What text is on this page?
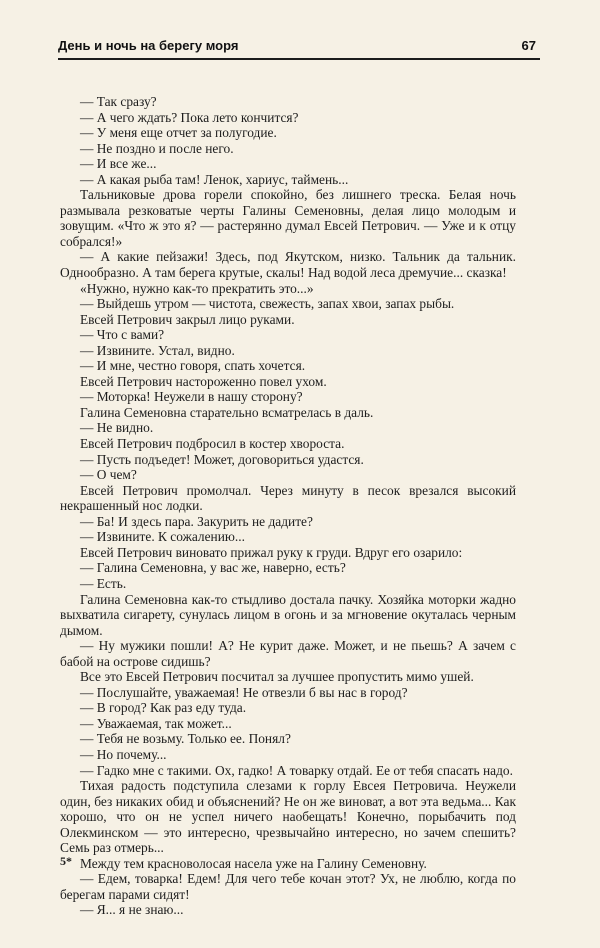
День и ночь на берегу моря	67

— Так сразу?

— А чего ждать? Пока лето кончится?

— У меня еще отчет за полугодие.

— Не поздно и после него.

— И все же...

— А какая рыба там! Ленок, хариус, таймень...

Тальниковые дрова горели спокойно, без лишнего треска. Белая ночь размывала резковатые черты Галины Семеновны, делая лицо молодым и зовущим. «Что ж это я? — растерянно думал Евсей Петрович. — Уже и к отцу собрался!»

— А какие пейзажи! Здесь, под Якутском, низко. Тальник да тальник. Однообразно. А там берега крутые, скалы! Над водой леса дремучие... сказка!

«Нужно, нужно как-то прекратить это...»

— Выйдешь утром — чистота, свежесть, запах хвои, запах рыбы.

Евсей Петрович закрыл лицо руками.

— Что с вами?

— Извините. Устал, видно.

— И мне, честно говоря, спать хочется.

Евсей Петрович настороженно повел ухом.

— Моторка! Неужели в нашу сторону?

Галина Семеновна старательно всматрелась в даль.

— Не видно.

Евсей Петрович подбросил в костер хвороста.

— Пусть подъедет! Может, договориться удастся.

— О чем?

Евсей Петрович промолчал. Через минуту в песок врезался высокий некрашенный нос лодки.

— Ба! И здесь пара. Закурить не дадите?

— Извините. К сожалению...

Евсей Петрович виновато прижал руку к груди. Вдруг его озарило:

— Галина Семеновна, у вас же, наверно, есть?

— Есть.

Галина Семеновна как-то стыдливо достала пачку. Хозяйка моторки жадно выхватила сигарету, сунулась лицом в огонь и за мгновение окуталась черным дымом.

— Ну мужики пошли! А? Не курит даже. Может, и не пьешь? А зачем с бабой на острове сидишь?

Все это Евсей Петрович посчитал за лучшее пропустить мимо ушей.

— Послушайте, уважаемая! Не отвезли б вы нас в город?

— В город? Как раз еду туда.

— Уважаемая, так может...

— Тебя не возьму. Только ее. Понял?

— Но почему...

— Гадко мне с такими. Ох, гадко! А товарку отдай. Ее от тебя спасать надо.

Тихая радость подступила слезами к горлу Евсея Петровича. Неужели один, без никаких обид и объяснений? Не он же виноват, а вот эта ведьма... Как хорошо, что он не успел ничего наобещать! Конечно, порыбачить под Олекминском — это интересно, чрезвычайно интересно, но зачем спешить? Семь раз отмерь...

Между тем красноволосая насела уже на Галину Семеновну.

— Едем, товарка! Едем! Для чего тебе кочан этот? Ух, не люблю, когда по берегам парами сидят!

— Я... я не знаю...

5*
